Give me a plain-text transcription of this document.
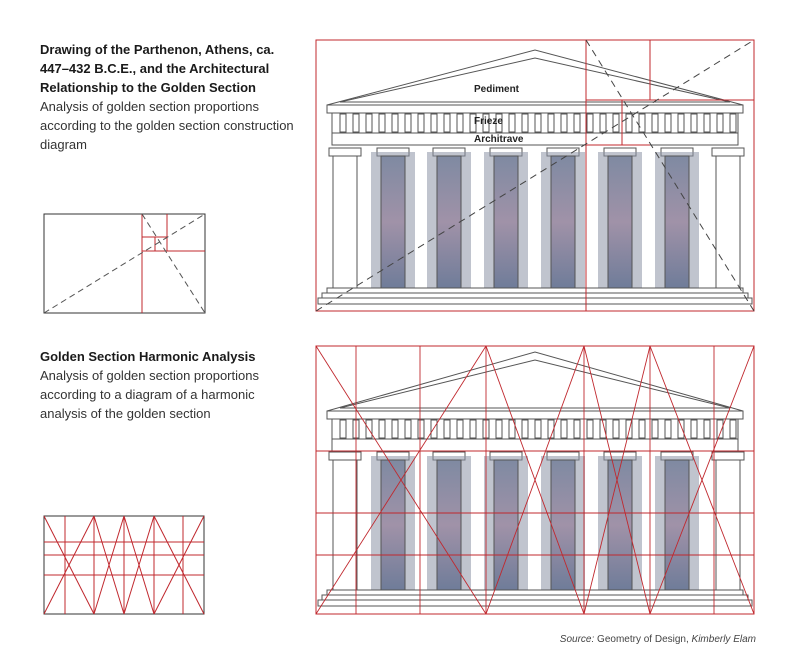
Drawing of the Parthenon, Athens, ca. 447–432 B.C.E., and the Architectural Relationship to the Golden Section
Analysis of golden section proportions according to the golden section construction diagram
Golden Section Harmonic Analysis
Analysis of golden section proportions according to a diagram of a harmonic analysis of the golden section
Pediment
Frieze
Architrave
Source: Geometry of Design, Kimberly Elam
